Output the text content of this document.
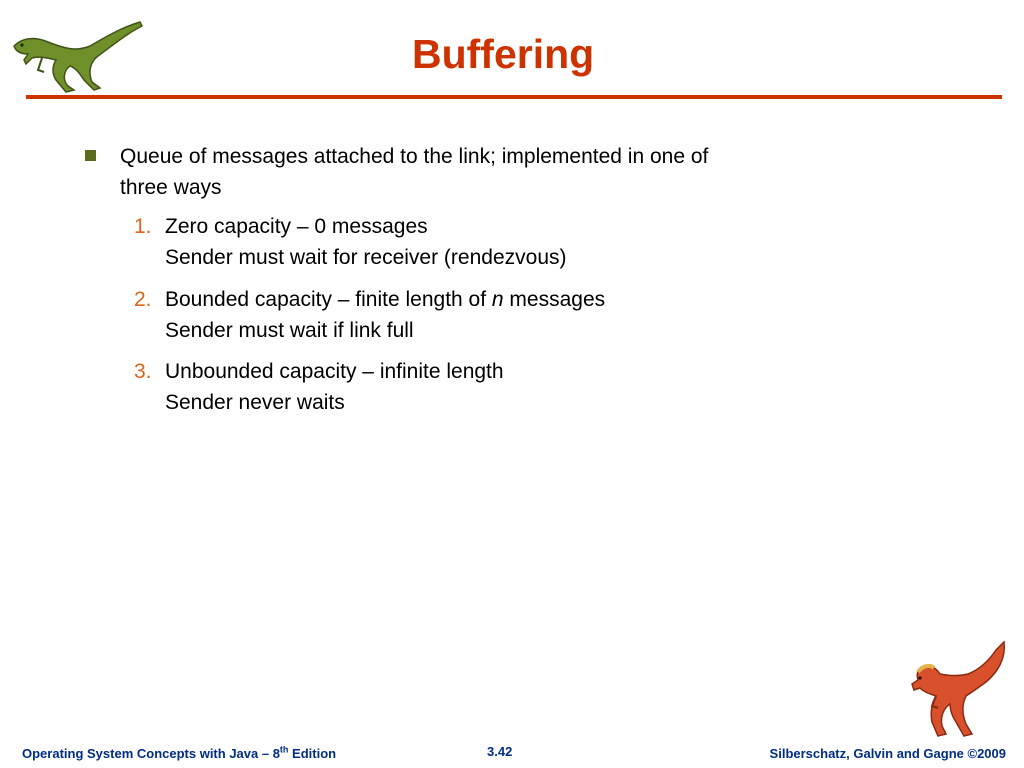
Buffering
Queue of messages attached to the link; implemented in one of
three ways
1. Zero capacity – 0 messages
Sender must wait for receiver (rendezvous)
2. Bounded capacity – finite length of n messages
Sender must wait if link full
3. Unbounded capacity – infinite length
Sender never waits
Operating System Concepts with Java – 8th Edition	3.42	Silberschatz, Galvin and Gagne ©2009
